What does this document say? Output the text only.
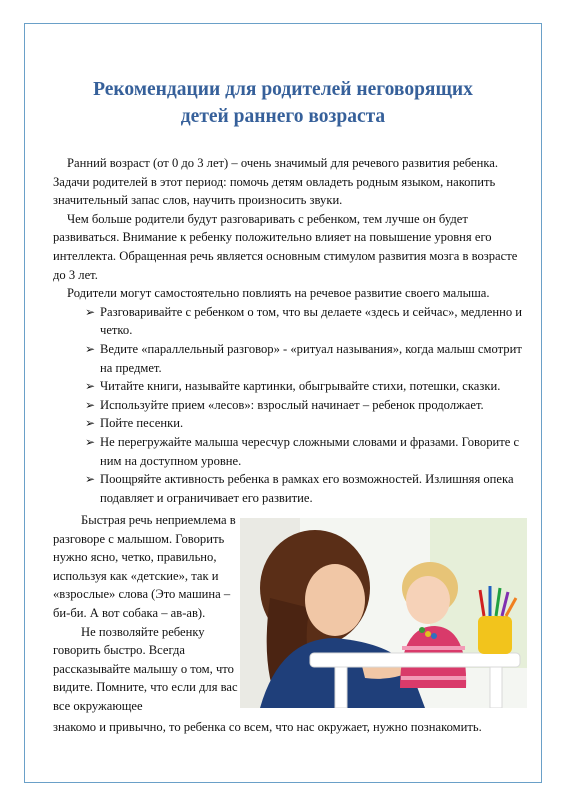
Рекомендации для родителей неговорящих
детей раннего возраста

Ранний возраст (от 0 до 3 лет) – очень значимый для речевого развития ребенка. Задачи родителей в этот период: помочь детям овладеть родным языком, накопить значительный запас слов, научить произносить звуки.

Чем больше родители будут разговаривать с ребенком, тем лучше он будет развиваться. Внимание к ребенку положительно влияет на повышение уровня его интеллекта. Обращенная речь является основным стимулом развития мозга в возрасте до 3 лет.

Родители могут самостоятельно повлиять на речевое развитие своего малыша.

➢ Разговаривайте с ребенком о том, что вы делаете «здесь и сейчас», медленно и четко.
➢ Ведите «параллельный разговор» - «ритуал называния», когда малыш смотрит на предмет.
➢ Читайте книги, называйте картинки, обыгрывайте стихи, потешки, сказки.
➢ Используйте прием «лесов»: взрослый начинает – ребенок продолжает.
➢ Пойте песенки.
➢ Не перегружайте малыша чересчур сложными словами и фразами. Говорите с ним на доступном уровне.
➢ Поощряйте активность ребенка в рамках его возможностей. Излишняя опека подавляет и ограничивает его развитие.

Быстрая речь неприемлема в разговоре с малышом. Говорить нужно ясно, четко, правильно, используя как «детские», так и «взрослые» слова (Это машина – би-би. А вот собака – ав-ав).

Не позволяйте ребенку говорить быстро. Всегда рассказывайте малышу о том, что видите. Помните, что если для вас все окружающее

знакомо и привычно, то ребенка со всем, что нас окружает, нужно познакомить.
